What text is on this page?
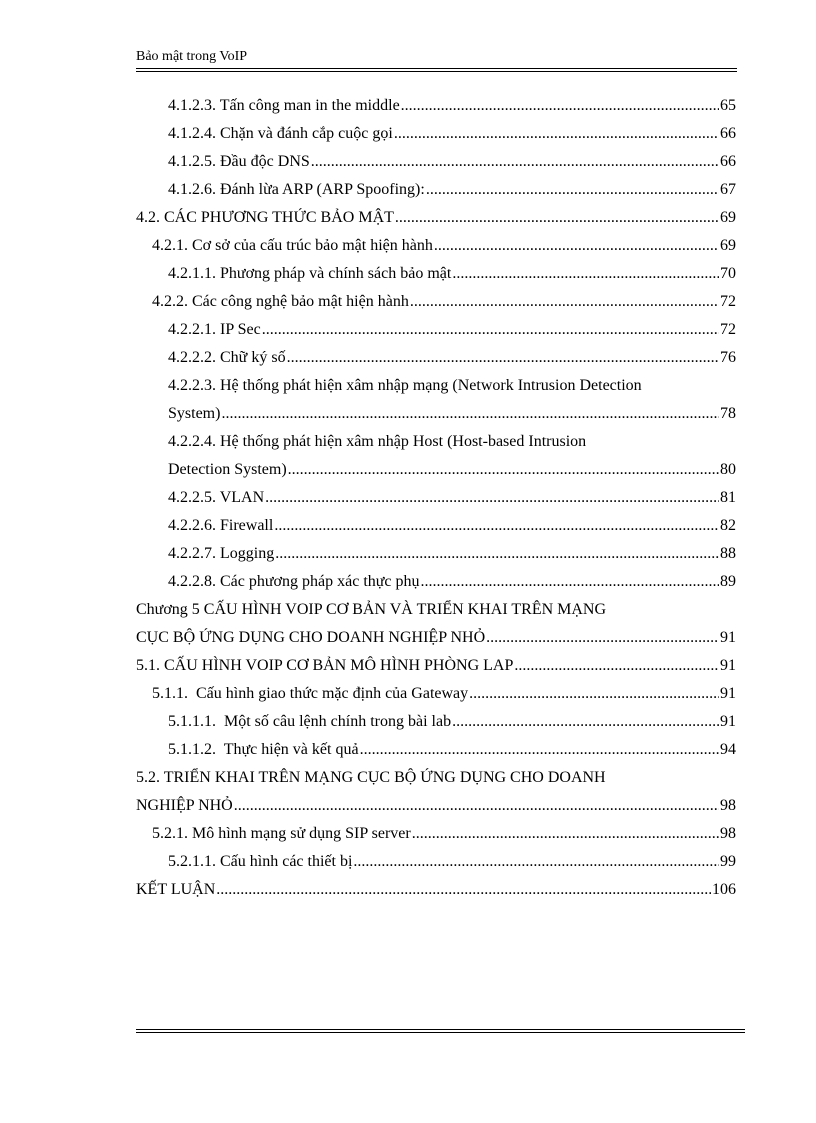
Bảo mật trong VoIP
4.1.2.3. Tấn công man in the middle .....	65
4.1.2.4. Chặn và đánh cắp cuộc gọi .....	66
4.1.2.5. Đầu độc DNS .....	66
4.1.2.6. Đánh lừa ARP (ARP Spoofing): .....	67
4.2. CÁC PHƯƠNG THỨC BẢO MẬT .....	69
4.2.1. Cơ sở của cấu trúc bảo mật hiện hành .....	69
4.2.1.1. Phương pháp và chính sách bảo mật .....	70
4.2.2. Các công nghệ bảo mật hiện hành .....	72
4.2.2.1. IP Sec .....	72
4.2.2.2. Chữ ký số .....	76
4.2.2.3. Hệ thống phát hiện xâm nhập mạng (Network Intrusion Detection
System) .....	78
4.2.2.4. Hệ thống phát hiện xâm nhập Host (Host-based Intrusion
Detection System) .....	80
4.2.2.5. VLAN .....	81
4.2.2.6. Firewall .....	82
4.2.2.7. Logging .....	88
4.2.2.8. Các phương pháp xác thực phụ .....	89
Chương 5 CẤU HÌNH VOIP CƠ BẢN VÀ TRIỂN KHAI TRÊN MẠNG
CỤC BỘ ỨNG DỤNG CHO DOANH NGHIỆP NHỎ .....	91
5.1. CẤU HÌNH VOIP CƠ BẢN MÔ HÌNH PHÒNG LAP .....	91
5.1.1.  Cấu hình giao thức mặc định của Gateway .....	91
5.1.1.1.  Một số câu lệnh chính trong bài lab .....	91
5.1.1.2.  Thực hiện và kết quả .....	94
5.2. TRIỂN KHAI TRÊN MẠNG CỤC BỘ ỨNG DỤNG CHO DOANH
NGHIỆP NHỎ .....	98
5.2.1. Mô hình mạng sử dụng SIP server .....	98
5.2.1.1. Cấu hình các thiết bị .....	99
KẾT LUẬN .....	106
